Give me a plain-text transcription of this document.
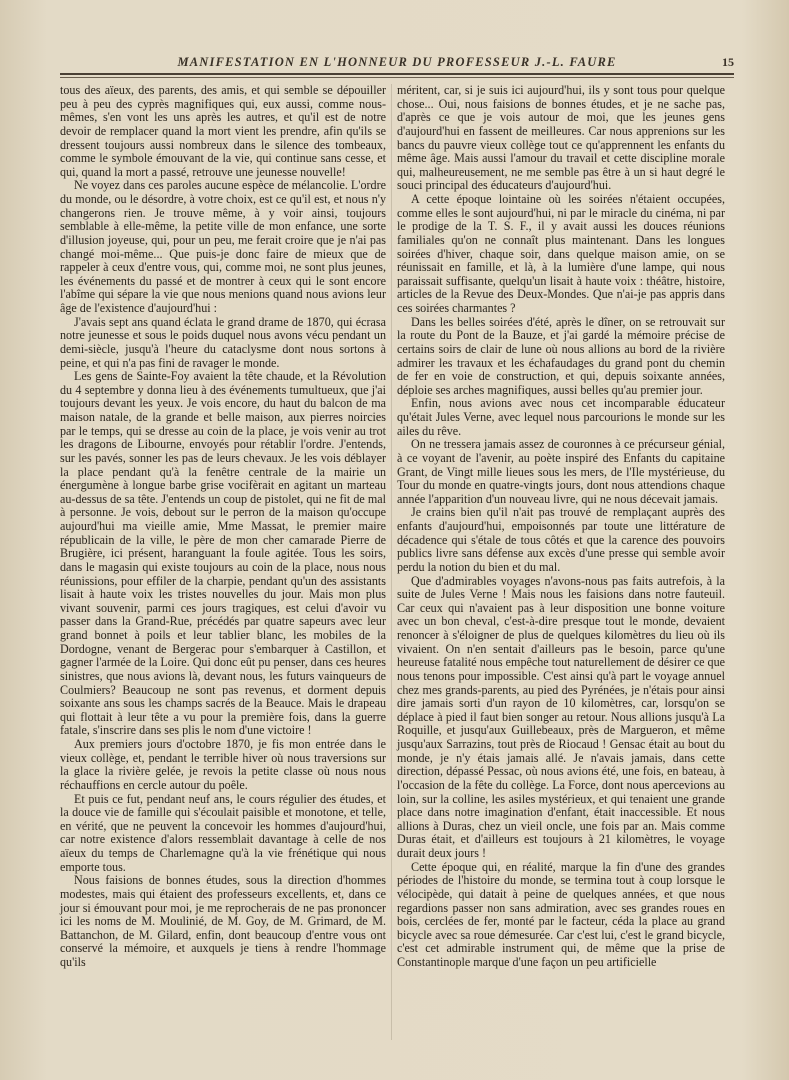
MANIFESTATION EN L'HONNEUR DU PROFESSEUR J.-L. FAURE	15

tous des aïeux, des parents, des amis, et qui semble se dépouiller peu à peu des cyprès magnifiques qui, eux aussi, comme nous-mêmes, s'en vont les uns après les autres, et qu'il est de notre devoir de remplacer quand la mort vient les prendre, afin qu'ils se dressent toujours aussi nombreux dans le silence des tombeaux, comme le symbole émouvant de la vie, qui continue sans cesse, et qui, quand la mort a passé, retrouve une jeunesse nouvelle!

Ne voyez dans ces paroles aucune espèce de mélancolie. L'ordre du monde, ou le désordre, à votre choix, est ce qu'il est, et nous n'y changerons rien. Je trouve même, à y voir ainsi, toujours semblable à elle-même, la petite ville de mon enfance, une sorte d'illusion joyeuse, qui, pour un peu, me ferait croire que je n'ai pas changé moi-même... Que puis-je donc faire de mieux que de rappeler à ceux d'entre vous, qui, comme moi, ne sont plus jeunes, les événements du passé et de montrer à ceux qui le sont encore l'abîme qui sépare la vie que nous menions quand nous avions leur âge de l'existence d'aujourd'hui :

J'avais sept ans quand éclata le grand drame de 1870, qui écrasa notre jeunesse et sous le poids duquel nous avons vécu pendant un demi-siècle, jusqu'à l'heure du cataclysme dont nous sortons à peine, et qui n'a pas fini de ravager le monde.

Les gens de Sainte-Foy avaient la tête chaude, et la Révolution du 4 septembre y donna lieu à des événements tumultueux, que j'ai toujours devant les yeux. Je vois encore, du haut du balcon de ma maison natale, de la grande et belle maison, aux pierres noircies par le temps, qui se dresse au coin de la place, je vois venir au trot les dragons de Libourne, envoyés pour rétablir l'ordre. J'entends, sur les pavés, sonner les pas de leurs chevaux. Je les vois déblayer la place pendant qu'à la fenêtre centrale de la mairie un énergumène à longue barbe grise vocifèrait en agitant un marteau au-dessus de sa tête. J'entends un coup de pistolet, qui ne fit de mal à personne. Je vois, debout sur le perron de la maison qu'occupe aujourd'hui ma vieille amie, Mme Massat, le premier maire républicain de la ville, le père de mon cher camarade Pierre de Brugière, ici présent, haranguant la foule agitée. Tous les soirs, dans le magasin qui existe toujours au coin de la place, nous nous réunissions, pour effiler de la charpie, pendant qu'un des assistants lisait à haute voix les tristes nouvelles du jour. Mais mon plus vivant souvenir, parmi ces jours tragiques, est celui d'avoir vu passer dans la Grand-Rue, précédés par quatre sapeurs avec leur grand bonnet à poils et leur tablier blanc, les mobiles de la Dordogne, venant de Bergerac pour s'embarquer à Castillon, et gagner l'armée de la Loire. Qui donc eût pu penser, dans ces heures sinistres, que nous avions là, devant nous, les futurs vainqueurs de Coulmiers? Beaucoup ne sont pas revenus, et dorment depuis soixante ans sous les champs sacrés de la Beauce. Mais le drapeau qui flottait à leur tête a vu pour la première fois, dans la guerre fatale, s'inscrire dans ses plis le nom d'une victoire !

Aux premiers jours d'octobre 1870, je fis mon entrée dans le vieux collège, et, pendant le terrible hiver où nous traversions sur la glace la rivière gelée, je revois la petite classe où nous nous réchauffions en cercle autour du poêle.

Et puis ce fut, pendant neuf ans, le cours régulier des études, et la douce vie de famille qui s'écoulait paisible et monotone, et telle, en vérité, que ne peuvent la concevoir les hommes d'aujourd'hui, car notre existence d'alors ressemblait davantage à celle de nos aïeux du temps de Charlemagne qu'à la vie frénétique qui nous emporte tous.

Nous faisions de bonnes études, sous la direction d'hommes modestes, mais qui étaient des professeurs excellents, et, dans ce jour si émouvant pour moi, je me reprocherais de ne pas prononcer ici les noms de M. Moulinié, de M. Goy, de M. Grimard, de M. Battanchon, de M. Gilard, enfin, dont beaucoup d'entre vous ont conservé la mémoire, et auxquels je tiens à rendre l'hommage qu'ils

méritent, car, si je suis ici aujourd'hui, ils y sont tous pour quelque chose... Oui, nous faisions de bonnes études, et je ne sache pas, d'après ce que je vois autour de moi, que les jeunes gens d'aujourd'hui en fassent de meilleures. Car nous apprenions sur les bancs du pauvre vieux collège tout ce qu'apprennent les enfants du même âge. Mais aussi l'amour du travail et cette discipline morale qui, malheureusement, ne me semble pas être à un si haut degré le souci principal des éducateurs d'aujourd'hui.

A cette époque lointaine où les soirées n'étaient occupées, comme elles le sont aujourd'hui, ni par le miracle du cinéma, ni par le prodige de la T. S. F., il y avait aussi les douces réunions familiales qu'on ne connaît plus maintenant. Dans les longues soirées d'hiver, chaque soir, dans quelque maison amie, on se réunissait en famille, et là, à la lumière d'une lampe, qui nous paraissait suffisante, quelqu'un lisait à haute voix : théâtre, histoire, articles de la Revue des Deux-Mondes. Que n'ai-je pas appris dans ces soirées charmantes ?

Dans les belles soirées d'été, après le dîner, on se retrouvait sur la route du Pont de la Bauze, et j'ai gardé la mémoire précise de certains soirs de clair de lune où nous allions au bord de la rivière admirer les travaux et les échafaudages du grand pont du chemin de fer en voie de construction, et qui, depuis soixante années, déploie ses arches magnifiques, aussi belles qu'au premier jour.

Enfin, nous avions avec nous cet incomparable éducateur qu'était Jules Verne, avec lequel nous parcourions le monde sur les ailes du rêve.

On ne tressera jamais assez de couronnes à ce précurseur génial, à ce voyant de l'avenir, au poète inspiré des Enfants du capitaine Grant, de Vingt mille lieues sous les mers, de l'Ile mystérieuse, du Tour du monde en quatre-vingts jours, dont nous attendions chaque année l'apparition d'un nouveau livre, qui ne nous décevait jamais.

Je crains bien qu'il n'ait pas trouvé de remplaçant auprès des enfants d'aujourd'hui, empoisonnés par toute une littérature de décadence qui s'étale de tous côtés et que la carence des pouvoirs publics livre sans défense aux excès d'une presse qui semble avoir perdu la notion du bien et du mal.

Que d'admirables voyages n'avons-nous pas faits autrefois, à la suite de Jules Verne ! Mais nous les faisions dans notre fauteuil. Car ceux qui n'avaient pas à leur disposition une bonne voiture avec un bon cheval, c'est-à-dire presque tout le monde, devaient renoncer à s'éloigner de plus de quelques kilomètres du lieu où ils vivaient. On n'en sentait d'ailleurs pas le besoin, parce qu'une heureuse fatalité nous empêche tout naturellement de désirer ce que nous tenons pour impossible. C'est ainsi qu'à part le voyage annuel chez mes grands-parents, au pied des Pyrénées, je n'étais pour ainsi dire jamais sorti d'un rayon de 10 kilomètres, car, lorsqu'on se déplace à pied il faut bien songer au retour. Nous allions jusqu'à La Roquille, et jusqu'aux Guillebeaux, près de Margueron, et même jusqu'aux Sarrazins, tout près de Riocaud ! Gensac était au bout du monde, je n'y étais jamais allé. Je n'avais jamais, dans cette direction, dépassé Pessac, où nous avions été, une fois, en bateau, à l'occasion de la fête du collège. La Force, dont nous apercevions au loin, sur la colline, les asiles mystérieux, et qui tenaient une grande place dans notre imagination d'enfant, était inaccessible. Et nous allions à Duras, chez un vieil oncle, une fois par an. Mais comme Duras était, et d'ailleurs est toujours à 21 kilomètres, le voyage durait deux jours !

Cette époque qui, en réalité, marque la fin d'une des grandes périodes de l'histoire du monde, se termina tout à coup lorsque le vélocipède, qui datait à peine de quelques années, et que nous regardions passer non sans admiration, avec ses grandes roues en bois, cerclées de fer, monté par le facteur, céda la place au grand bicycle avec sa roue démesurée. Car c'est lui, c'est le grand bicycle, c'est cet admirable instrument qui, de même que la prise de Constantinople marque d'une façon un peu artificielle
